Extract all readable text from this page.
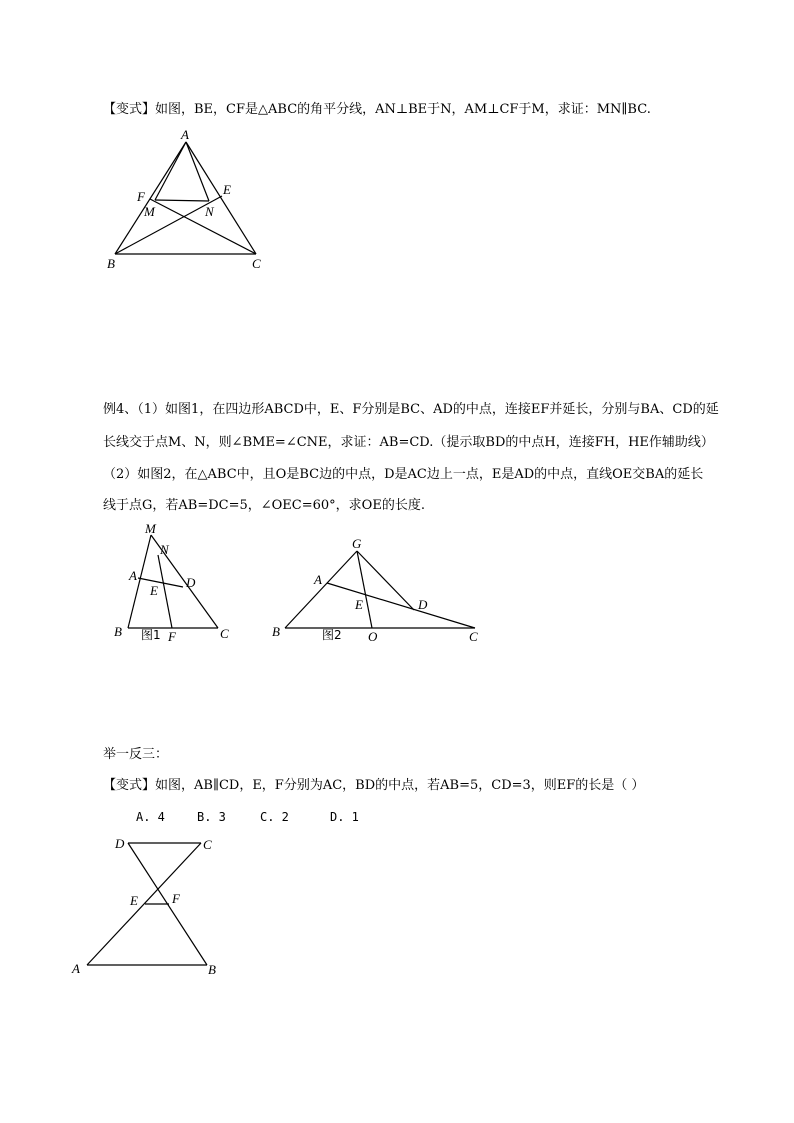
【变式】如图，BE，CF是△ABC的角平分线，AN⊥BE于N，AM⊥CF于M，求证：MN∥BC.
A
F	E
M	N
B	C
例4、（1）如图1，在四边形ABCD中，E、F分别是BC、AD的中点，连接EF并延长，分别与BA、CD的延
长线交于点M、N，则∠BME=∠CNE，求证：AB=CD.（提示取BD的中点H，连接FH，HE作辅助线）
（2）如图2，在△ABC中，且O是BC边的中点，D是AC边上一点，E是AD的中点，直线OE交BA的延长
线于点G，若AB=DC=5，∠OEC=60°，求OE的长度.
M
N
A	D
E
B 图1 F	C
G
A
E	D
B	图2 O	C
举一反三：
【变式】如图，AB∥CD，E，F分别为AC，BD的中点，若AB=5，CD=3，则EF的长是（ ）
A. 4	B. 3	C. 2	D. 1
D	C
E	F
A	B
